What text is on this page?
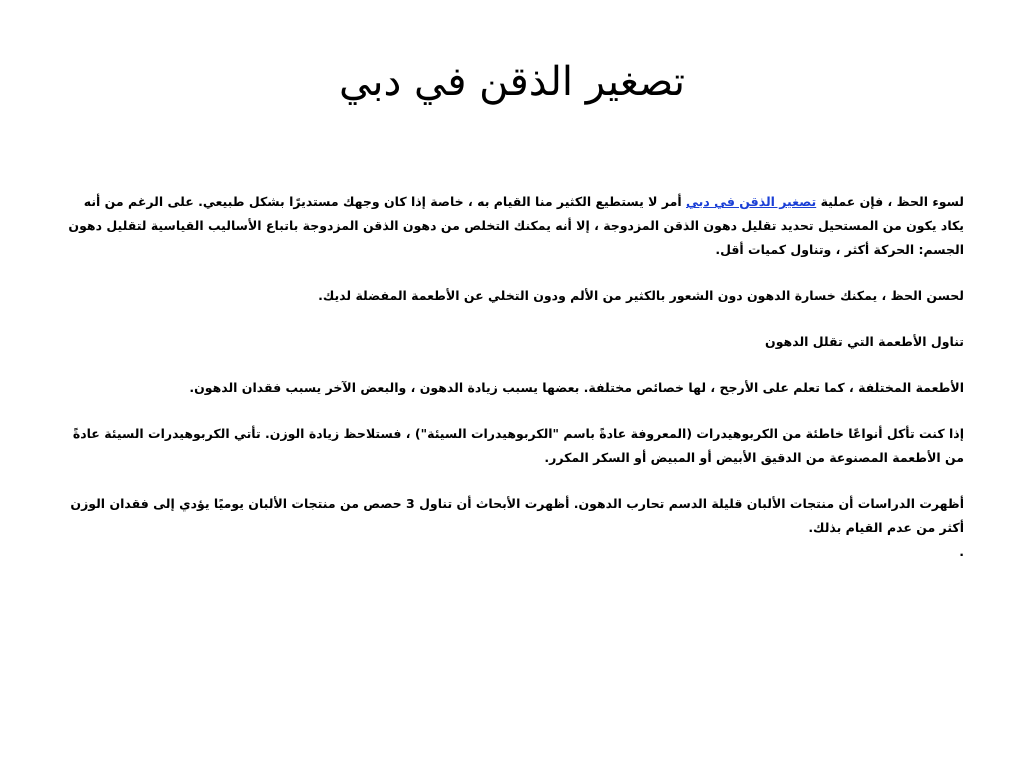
تصغير الذقن في دبي

لسوء الحظ ، فإن عملية تصغير الذقن في دبي أمر لا يستطيع الكثير منا القيام به ، خاصة إذا كان وجهك مستديرًا بشكل طبيعي. على الرغم من أنه يكاد يكون من المستحيل تحديد تقليل دهون الذقن المزدوجة ، إلا أنه يمكنك التخلص من دهون الذقن المزدوجة باتباع الأساليب القياسية لتقليل دهون الجسم: الحركة أكثر ، وتناول كميات أقل.

لحسن الحظ ، يمكنك خسارة الدهون دون الشعور بالكثير من الألم ودون التخلي عن الأطعمة المفضلة لديك.

تناول الأطعمة التي تقلل الدهون

الأطعمة المختلفة ، كما تعلم على الأرجح ، لها خصائص مختلفة. بعضها يسبب زيادة الدهون ، والبعض الآخر يسبب فقدان الدهون.

إذا كنت تأكل أنواعًا خاطئة من الكربوهيدرات (المعروفة عادةً باسم "الكربوهيدرات السيئة") ، فستلاحظ زيادة الوزن. تأتي الكربوهيدرات السيئة عادةً من الأطعمة المصنوعة من الدقيق الأبيض أو المبيض أو السكر المكرر.

أظهرت الدراسات أن منتجات الألبان قليلة الدسم تحارب الدهون. أظهرت الأبحاث أن تناول 3 حصص من منتجات الألبان يوميًا يؤدي إلى فقدان الوزن أكثر من عدم القيام بذلك.

.
